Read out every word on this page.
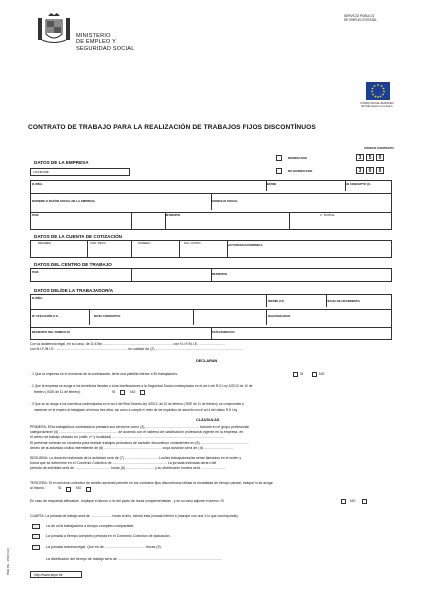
MINISTERIO
DE EMPLEO Y
SEGURIDAD SOCIAL
SERVICIO PÚBLICO
DE EMPLEO ESTATAL
FONDO SOCIAL EUROPEO
El FSE invierte en tu futuro
CONTRATO DE TRABAJO PARA LA REALIZACIÓN DE TRABAJOS FIJOS DISCONTÍNUOS
CÓDIGO CONTRATO
DATOS DE LA EMPRESA
BONIFICADO	3	5	0
NO BONIFICADO	3	0	0
CIF/NIF/NIE
D./DÑA.	NIF/NIE	EN CONCEPTO (1)
NOMBRE O RAZÓN SOCIAL DE LA EMPRESA	DOMICILIO SOCIAL
PAIS	MUNICIPIO	C. POSTAL
DATOS DE LA CUENTA DE COTIZACIÓN
RÉGIMEN	COD. PROV.	NÚMERO	DIG. CONTR.	ACTIVIDAD ECONÓMICA
DATOS DEL CENTRO DE TRABAJO
PAIS	MUNICIPIO
DATOS DEL/DE LA TRABAJADOR/A
D./DÑA.
NIF/NIE (17)	FECHA DE NACIMIENTO
Nº AFILIACIÓN S.S.	NIVEL FORMATIVO	NACIONALIDAD
MUNICIPIO DEL DOMICILIO	PAÍS DOMICILIO

Con la asistencia legal, en su caso, de D./Dña ........................................................................ con N.I.F./N.I.E. ...........................

con N.I.F./N.I.E. .......................................................................... en calidad de (2) ..........................................................................................

DECLARAN
- 1 Que la empresa en el momento de la contratación, tiene una plantilla inferior a 50 trabajadores.	SI	NO
- 2 Que la empresa se acoge a los beneficios fiscales o a las bonificaciones a la Seguridad Social contemplados en el art.4 del R.D Ley 3/2012 de 10 de
febrero ( BOE de 11 de febrero)	SI	NO
- 3 Que se ac acoge a los incentivos contemplados en el art.4 del Real Decreto-ley 3/2012, de 10 de febrero ( BOE de 11 de febrero), se compromete a
mantener en el empleo al trabajador al menos tres años, así como a cumplir el resto de los requisitos de acuerdo con el art.4 del citado R.D Ley.
CLÁUSULAS

PRIMERA: El/la trabajador/a contratado/a prestará sus servicios como (3)........................................................ incluido en el grupo profesional/

categoría/nivel (4) ............................................................ de acuerdo con el sistema de clasificación profesional vigente en la empresa, en

el centro de trabajo ubicado en (calle, nº y localidad) ...................................................................................................................

El presente contrato se concierta para realizar trabajos periódicos de carácter discontinuo consistentes en (5) ..................................................

dentro de la actividad cíclica intermitente de (6) ........................................................... cuya duración será de ( 6) ..............................

SEGUNDA: La duración estimada de la actividad será de (7) .................................. Los/las trabajadores/as serán llamados en el orden y

forma que se determine en el Convenio Colectivo de ........................................................ La jornada estimada dentro del

periodo de actividad será de .................................... horas (8) ............................. y su distribución horaria será ..........................

TERCERA: Si el convenio colectivo de ámbito sectorial permite en los contratos fijos discontinuos utilizar la modalidad de tiempo parcial, indique si se acoge

al mismo :	SI	NO
En caso de respuesta afirmativa , explique el abono o no del pacto de horas complementarias , y en su caso adjunte el anexo: SI	NO
CUARTA: La jornada de trabajo será de ...................... horas al año, siendo esta jornada inferior a (marque con una X lo que corresponda):
La de un/a trabajador/a a tiempo completo comparable.
La jornada a tiempo completo prevista en el Convenio Colectivo de aplicación.
La jornada máxima legal. Que es de ........................................ Horas (9).
La distribución del tiempo de trabajo será de ........................................................................................................
http://www.sepe.es
PM2 PE - 1510 (V2)
